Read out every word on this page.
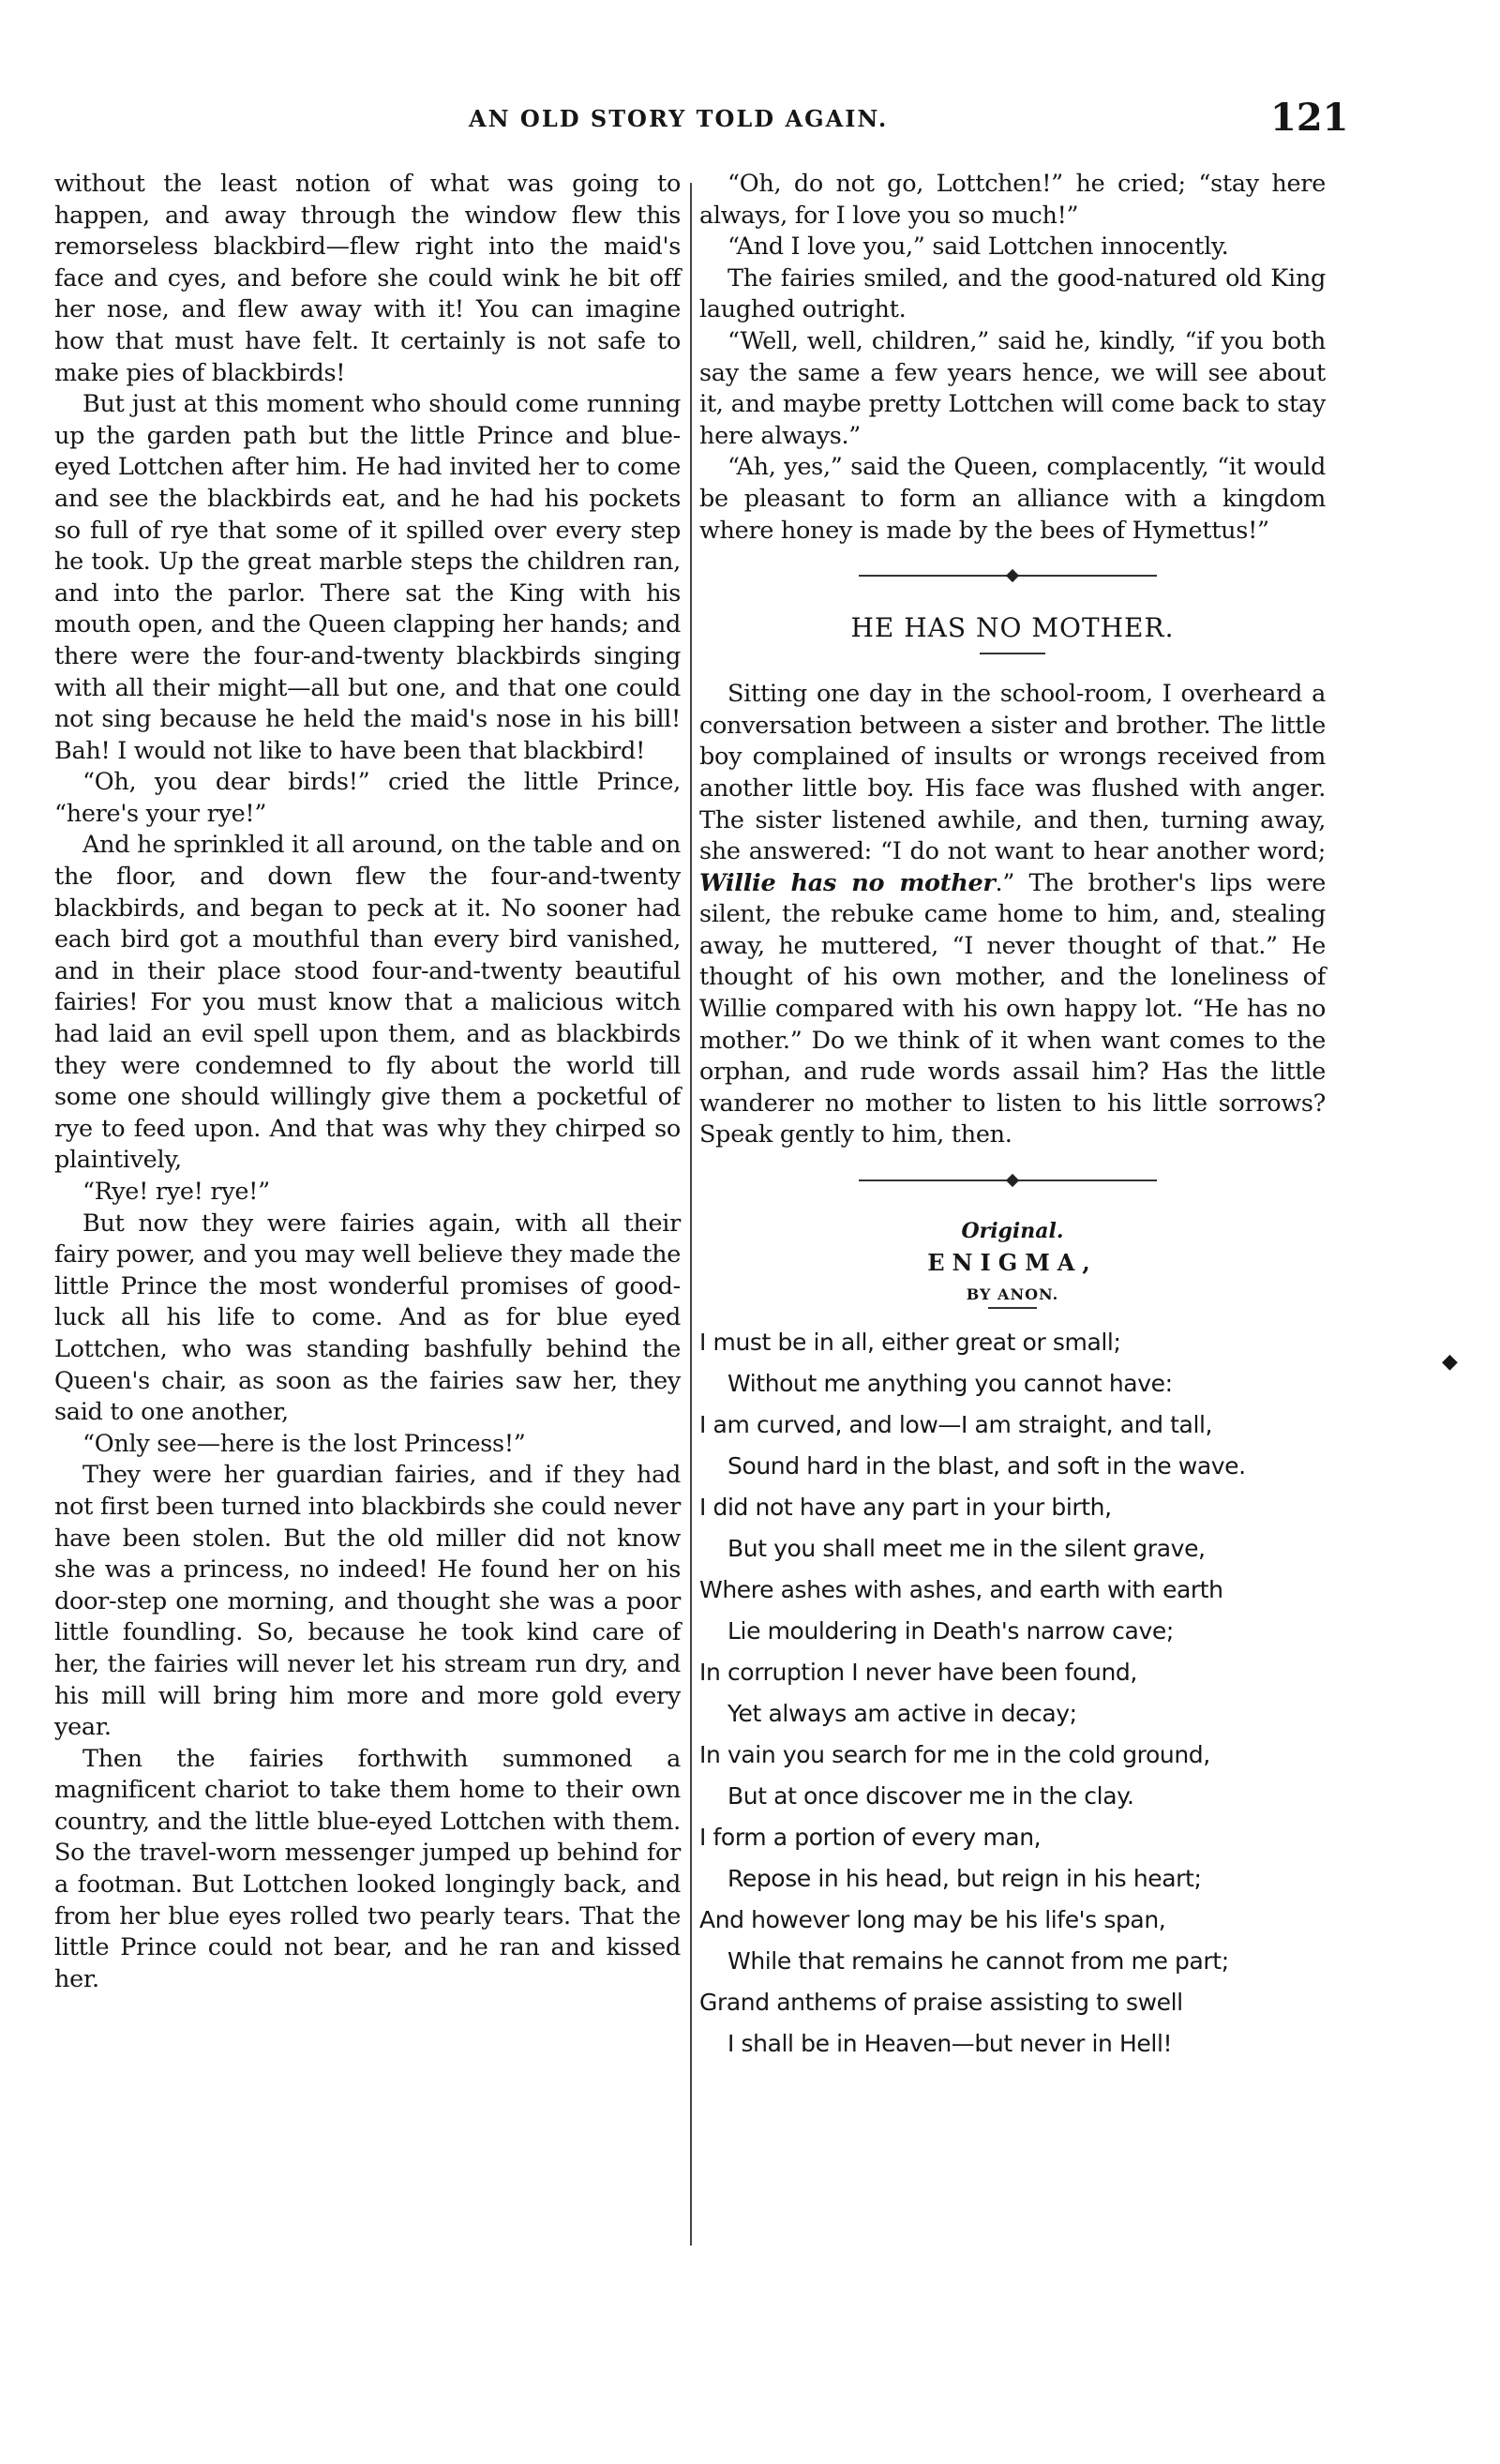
AN OLD STORY TOLD AGAIN.	121

without the least notion of what was going to happen, and away through the window flew this remorseless blackbird—flew right into the maid's face and cyes, and before she could wink he bit off her nose, and flew away with it! You can imagine how that must have felt. It certainly is not safe to make pies of blackbirds!

But just at this moment who should come running up the garden path but the little Prince and blue-eyed Lottchen after him. He had invited her to come and see the blackbirds eat, and he had his pockets so full of rye that some of it spilled over every step he took. Up the great marble steps the children ran, and into the parlor. There sat the King with his mouth open, and the Queen clapping her hands; and there were the four-and-twenty blackbirds singing with all their might—all but one, and that one could not sing because he held the maid's nose in his bill! Bah! I would not like to have been that blackbird!

“Oh, you dear birds!” cried the little Prince, “here's your rye!”

And he sprinkled it all around, on the table and on the floor, and down flew the four-and-twenty blackbirds, and began to peck at it. No sooner had each bird got a mouthful than every bird vanished, and in their place stood four-and-twenty beautiful fairies! For you must know that a malicious witch had laid an evil spell upon them, and as blackbirds they were condemned to fly about the world till some one should willingly give them a pocketful of rye to feed upon. And that was why they chirped so plaintively,

“Rye! rye! rye!”

But now they were fairies again, with all their fairy power, and you may well believe they made the little Prince the most wonderful promises of good-luck all his life to come. And as for blue eyed Lottchen, who was standing bashfully behind the Queen's chair, as soon as the fairies saw her, they said to one another,

“Only see—here is the lost Princess!”

They were her guardian fairies, and if they had not first been turned into blackbirds she could never have been stolen. But the old miller did not know she was a princess, no indeed! He found her on his door-step one morning, and thought she was a poor little foundling. So, because he took kind care of her, the fairies will never let his stream run dry, and his mill will bring him more and more gold every year.

Then the fairies forthwith summoned a magnificent chariot to take them home to their own country, and the little blue-eyed Lottchen with them. So the travel-worn messenger jumped up behind for a footman. But Lottchen looked longingly back, and from her blue eyes rolled two pearly tears. That the little Prince could not bear, and he ran and kissed her.

“Oh, do not go, Lottchen!” he cried; “stay here always, for I love you so much!”

“And I love you,” said Lottchen innocently.

The fairies smiled, and the good-natured old King laughed outright.

“Well, well, children,” said he, kindly, “if you both say the same a few years hence, we will see about it, and maybe pretty Lottchen will come back to stay here always.”

“Ah, yes,” said the Queen, complacently, “it would be pleasant to form an alliance with a kingdom where honey is made by the bees of Hymettus!”

HE HAS NO MOTHER.

Sitting one day in the school-room, I overheard a conversation between a sister and brother. The little boy complained of insults or wrongs received from another little boy. His face was flushed with anger. The sister listened awhile, and then, turning away, she answered: “I do not want to hear another word; Willie has no mother.” The brother's lips were silent, the rebuke came home to him, and, stealing away, he muttered, “I never thought of that.” He thought of his own mother, and the loneliness of Willie compared with his own happy lot. “He has no mother.” Do we think of it when want comes to the orphan, and rude words assail him? Has the little wanderer no mother to listen to his little sorrows? Speak gently to him, then.

Original.
ENIGMA,
BY ANON.
I must be in all, either great or small;
Without me anything you cannot have:
I am curved, and low—I am straight, and tall,
Sound hard in the blast, and soft in the wave.
I did not have any part in your birth,
But you shall meet me in the silent grave,
Where ashes with ashes, and earth with earth
Lie mouldering in Death's narrow cave;
In corruption I never have been found,
Yet always am active in decay;
In vain you search for me in the cold ground,
But at once discover me in the clay.
I form a portion of every man,
Repose in his head, but reign in his heart;
And however long may be his life's span,
While that remains he cannot from me part;
Grand anthems of praise assisting to swell
I shall be in Heaven—but never in Hell!
◆
